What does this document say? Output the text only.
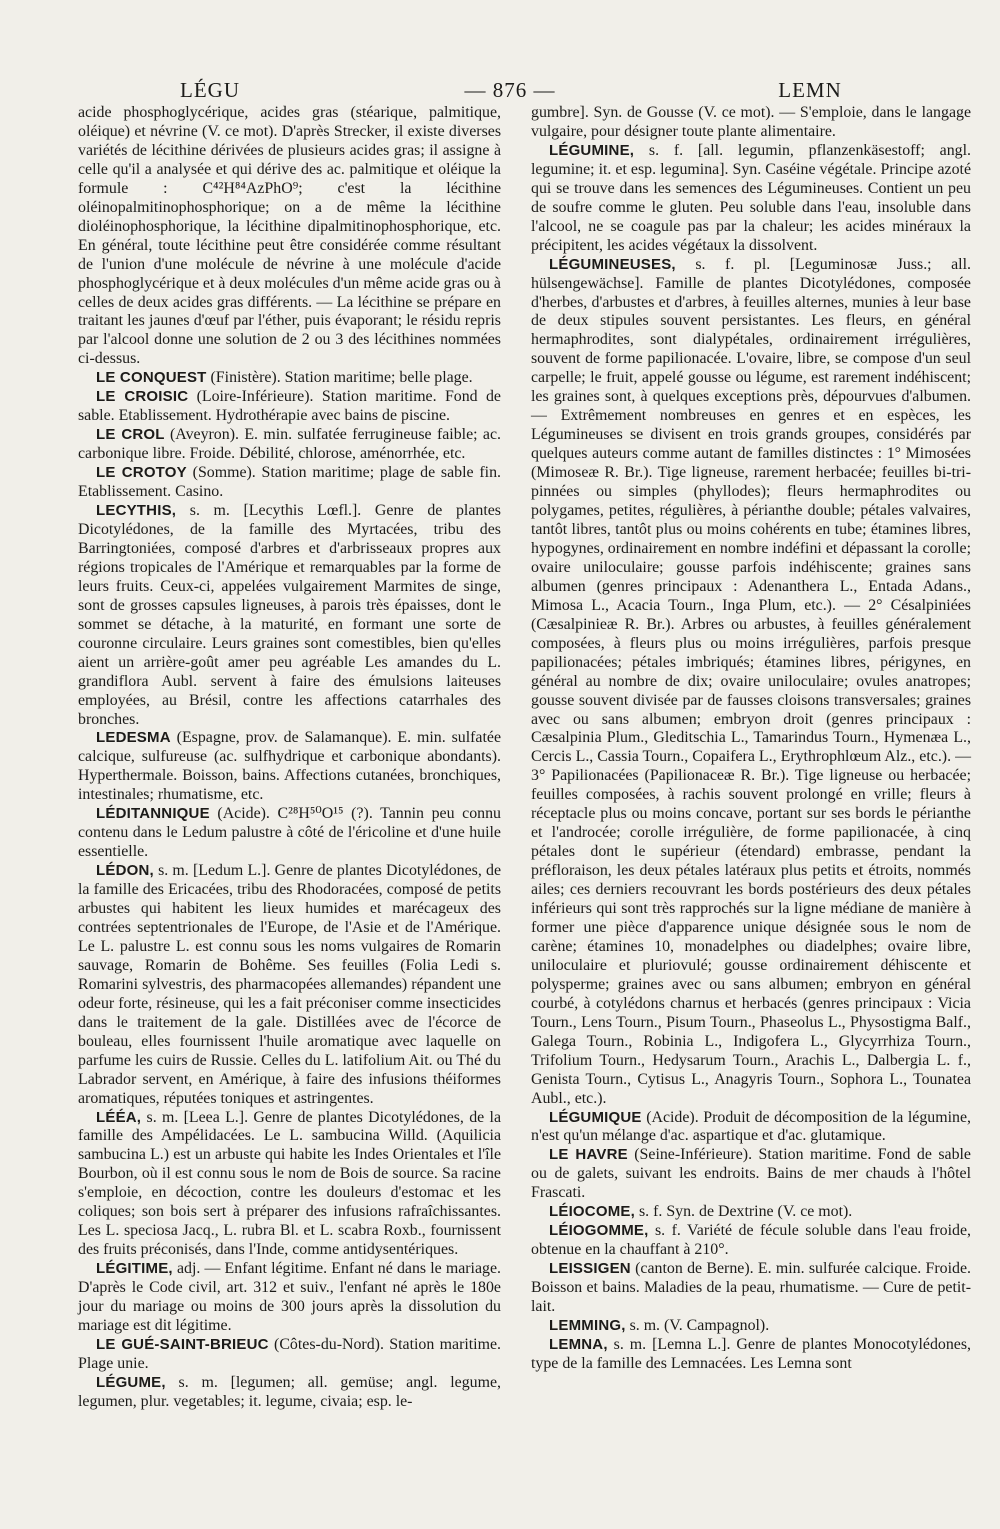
LÉGU	— 876 —	LEMN

acide phosphoglycérique, acides gras (stéarique, palmitique, oléique) et névrine (V. ce mot). D'après Strecker, il existe diverses variétés de lécithine dérivées de plusieurs acides gras; il assigne à celle qu'il a analysée et qui dérive des ac. palmitique et oléique la formule : C⁴²H⁸⁴AzPhO⁹; c'est la lécithine oléinopalmitinophosphorique; on a de même la lécithine dioléinophosphorique, la lécithine dipalmitinophosphorique, etc. En général, toute lécithine peut être considérée comme résultant de l'union d'une molécule de névrine à une molécule d'acide phosphoglycérique et à deux molécules d'un même acide gras ou à celles de deux acides gras différents. — La lécithine se prépare en traitant les jaunes d'œuf par l'éther, puis évaporant; le résidu repris par l'alcool donne une solution de 2 ou 3 des lécithines nommées ci-dessus.

LE CONQUEST (Finistère). Station maritime; belle plage.

LE CROISIC (Loire-Inférieure). Station maritime. Fond de sable. Etablissement. Hydrothérapie avec bains de piscine.

LE CROL (Aveyron). E. min. sulfatée ferrugineuse faible; ac. carbonique libre. Froide. Débilité, chlorose, aménorrhée, etc.

LE CROTOY (Somme). Station maritime; plage de sable fin. Etablissement. Casino.

LECYTHIS, s. m. [Lecythis Lœfl.]. Genre de plantes Dicotylédones, de la famille des Myrtacées, tribu des Barringtoniées, composé d'arbres et d'arbrisseaux propres aux régions tropicales de l'Amérique et remarquables par la forme de leurs fruits. Ceux-ci, appelées vulgairement Marmites de singe, sont de grosses capsules ligneuses, à parois très épaisses, dont le sommet se détache, à la maturité, en formant une sorte de couronne circulaire. Leurs graines sont comestibles, bien qu'elles aient un arrière-goût amer peu agréable Les amandes du L. grandiflora Aubl. servent à faire des émulsions laiteuses employées, au Brésil, contre les affections catarrhales des bronches.

LEDESMA (Espagne, prov. de Salamanque). E. min. sulfatée calcique, sulfureuse (ac. sulfhydrique et carbonique abondants). Hyperthermale. Boisson, bains. Affections cutanées, bronchiques, intestinales; rhumatisme, etc.

LÉDITANNIQUE (Acide). C²⁸H⁵⁰O¹⁵ (?). Tannin peu connu contenu dans le Ledum palustre à côté de l'éricoline et d'une huile essentielle.

LÉDON, s. m. [Ledum L.]. Genre de plantes Dicotylédones, de la famille des Ericacées, tribu des Rhodoracées, composé de petits arbustes qui habitent les lieux humides et marécageux des contrées septentrionales de l'Europe, de l'Asie et de l'Amérique. Le L. palustre L. est connu sous les noms vulgaires de Romarin sauvage, Romarin de Bohême. Ses feuilles (Folia Ledi s. Romarini sylvestris, des pharmacopées allemandes) répandent une odeur forte, résineuse, qui les a fait préconiser comme insecticides dans le traitement de la gale. Distillées avec de l'écorce de bouleau, elles fournissent l'huile aromatique avec laquelle on parfume les cuirs de Russie. Celles du L. latifolium Ait. ou Thé du Labrador servent, en Amérique, à faire des infusions théiformes aromatiques, réputées toniques et astringentes.

LÉÉA, s. m. [Leea L.]. Genre de plantes Dicotylédones, de la famille des Ampélidacées. Le L. sambucina Willd. (Aquilicia sambucina L.) est un arbuste qui habite les Indes Orientales et l'île Bourbon, où il est connu sous le nom de Bois de source. Sa racine s'emploie, en décoction, contre les douleurs d'estomac et les coliques; son bois sert à préparer des infusions rafraîchissantes. Les L. speciosa Jacq., L. rubra Bl. et L. scabra Roxb., fournissent des fruits préconisés, dans l'Inde, comme antidysentériques.

LÉGITIME, adj. — Enfant légitime. Enfant né dans le mariage. D'après le Code civil, art. 312 et suiv., l'enfant né après le 180e jour du mariage ou moins de 300 jours après la dissolution du mariage est dit légitime.

LE GUÉ-SAINT-BRIEUC (Côtes-du-Nord). Station maritime. Plage unie.

LÉGUME, s. m. [legumen; all. gemüse; angl. legume, legumen, plur. vegetables; it. legume, civaia; esp. le-

gumbre]. Syn. de Gousse (V. ce mot). — S'emploie, dans le langage vulgaire, pour désigner toute plante alimentaire.

LÉGUMINE, s. f. [all. legumin, pflanzenkäsestoff; angl. legumine; it. et esp. legumina]. Syn. Caséine végétale. Principe azoté qui se trouve dans les semences des Légumineuses. Contient un peu de soufre comme le gluten. Peu soluble dans l'eau, insoluble dans l'alcool, ne se coagule pas par la chaleur; les acides minéraux la précipitent, les acides végétaux la dissolvent.

LÉGUMINEUSES, s. f. pl. [Leguminosæ Juss.; all. hülsengewächse]. Famille de plantes Dicotylédones, composée d'herbes, d'arbustes et d'arbres, à feuilles alternes, munies à leur base de deux stipules souvent persistantes. Les fleurs, en général hermaphrodites, sont dialypétales, ordinairement irrégulières, souvent de forme papilionacée. L'ovaire, libre, se compose d'un seul carpelle; le fruit, appelé gousse ou légume, est rarement indéhiscent; les graines sont, à quelques exceptions près, dépourvues d'albumen. — Extrêmement nombreuses en genres et en espèces, les Légumineuses se divisent en trois grands groupes, considérés par quelques auteurs comme autant de familles distinctes : 1° Mimosées (Mimoseæ R. Br.). Tige ligneuse, rarement herbacée; feuilles bi-tri-pinnées ou simples (phyllodes); fleurs hermaphrodites ou polygames, petites, régulières, à périanthe double; pétales valvaires, tantôt libres, tantôt plus ou moins cohérents en tube; étamines libres, hypogynes, ordinairement en nombre indéfini et dépassant la corolle; ovaire uniloculaire; gousse parfois indéhiscente; graines sans albumen (genres principaux : Adenanthera L., Entada Adans., Mimosa L., Acacia Tourn., Inga Plum, etc.). — 2° Césalpiniées (Cæsalpinieæ R. Br.). Arbres ou arbustes, à feuilles généralement composées, à fleurs plus ou moins irrégulières, parfois presque papilionacées; pétales imbriqués; étamines libres, périgynes, en général au nombre de dix; ovaire uniloculaire; ovules anatropes; gousse souvent divisée par de fausses cloisons transversales; graines avec ou sans albumen; embryon droit (genres principaux : Cæsalpinia Plum., Gleditschia L., Tamarindus Tourn., Hymenæa L., Cercis L., Cassia Tourn., Copaifera L., Erythrophlœum Alz., etc.). — 3° Papilionacées (Papilionaceæ R. Br.). Tige ligneuse ou herbacée; feuilles composées, à rachis souvent prolongé en vrille; fleurs à réceptacle plus ou moins concave, portant sur ses bords le périanthe et l'androcée; corolle irrégulière, de forme papilionacée, à cinq pétales dont le supérieur (étendard) embrasse, pendant la préfloraison, les deux pétales latéraux plus petits et étroits, nommés ailes; ces derniers recouvrant les bords postérieurs des deux pétales inférieurs qui sont très rapprochés sur la ligne médiane de manière à former une pièce d'apparence unique désignée sous le nom de carène; étamines 10, monadelphes ou diadelphes; ovaire libre, uniloculaire et pluriovulé; gousse ordinairement déhiscente et polysperme; graines avec ou sans albumen; embryon en général courbé, à cotylédons charnus et herbacés (genres principaux : Vicia Tourn., Lens Tourn., Pisum Tourn., Phaseolus L., Physostigma Balf., Galega Tourn., Robinia L., Indigofera L., Glycyrrhiza Tourn., Trifolium Tourn., Hedysarum Tourn., Arachis L., Dalbergia L. f., Genista Tourn., Cytisus L., Anagyris Tourn., Sophora L., Tounatea Aubl., etc.).

LÉGUMIQUE (Acide). Produit de décomposition de la légumine, n'est qu'un mélange d'ac. aspartique et d'ac. glutamique.

LE HAVRE (Seine-Inférieure). Station maritime. Fond de sable ou de galets, suivant les endroits. Bains de mer chauds à l'hôtel Frascati.

LÉIOCOME, s. f. Syn. de Dextrine (V. ce mot).

LÉIOGOMME, s. f. Variété de fécule soluble dans l'eau froide, obtenue en la chauffant à 210°.

LEISSIGEN (canton de Berne). E. min. sulfurée calcique. Froide. Boisson et bains. Maladies de la peau, rhumatisme. — Cure de petit-lait.

LEMMING, s. m. (V. Campagnol).

LEMNA, s. m. [Lemna L.]. Genre de plantes Monocotylédones, type de la famille des Lemnacées. Les Lemna sont
